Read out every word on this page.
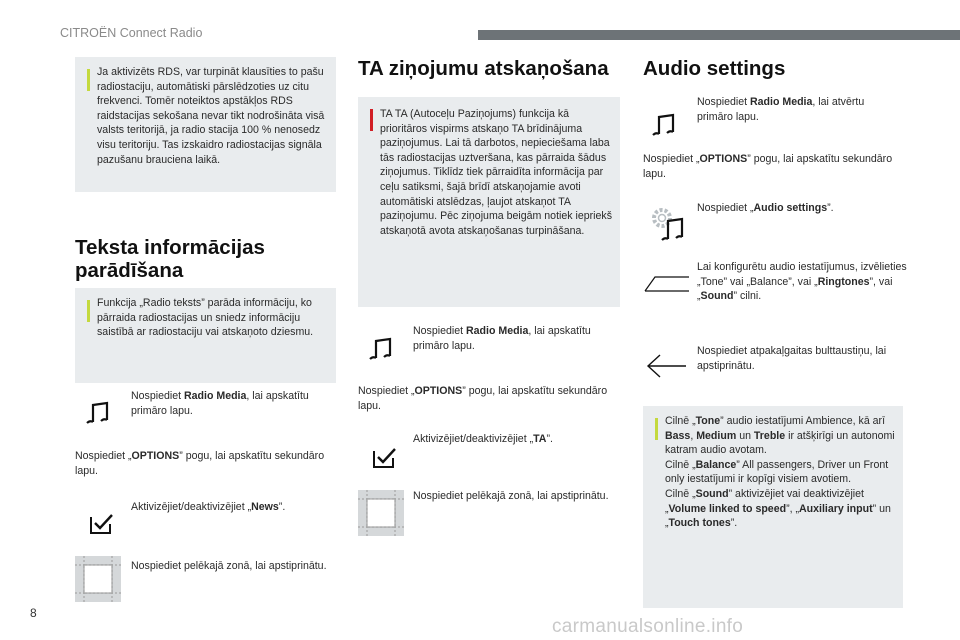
CITROËN Connect Radio
Ja aktivizēts RDS, var turpināt klausīties to pašu radiostaciju, automātiski pārslēdzoties uz citu frekvenci. Tomēr noteiktos apstākļos RDS raidstacijas sekošana nevar tikt nodrošināta visā valsts teritorijā, ja radio stacija 100 % nenosedz visu teritoriju. Tas izskaidro radiostacijas signāla pazušanu brauciena laikā.
Teksta informācijas
parādīšana
Funkcija „Radio teksts” parāda informāciju, ko pārraida radiostacijas un sniedz informāciju saistībā ar radiostaciju vai atskaņoto dziesmu.
Nospiediet Radio Media, lai apskatītu primāro lapu.
Nospiediet „OPTIONS” pogu, lai apskatītu sekundāro lapu.
Aktivizējiet/deaktivizējiet „News”.
Nospiediet pelēkajā zonā, lai apstiprinātu.
TA ziņojumu atskaņošana
TA TA (Autoceļu Paziņojums) funkcija kā prioritāros vispirms atskaņo TA brīdinājuma paziņojumus. Lai tā darbotos, nepieciešama laba tās radiostacijas uztveršana, kas pārraida šādus ziņojumus. Tiklīdz tiek pārraidīta informācija par ceļu satiksmi, šajā brīdī atskaņojamie avoti automātiski atslēdzas, ļaujot atskaņot TA paziņojumu. Pēc ziņojuma beigām notiek iepriekš atskaņotā avota atskaņošanas turpināšana.
Nospiediet Radio Media, lai apskatītu primāro lapu.
Nospiediet „OPTIONS” pogu, lai apskatītu sekundāro lapu.
Aktivizējiet/deaktivizējiet „TA”.
Nospiediet pelēkajā zonā, lai apstiprinātu.
Audio settings
Nospiediet Radio Media, lai atvērtu primāro lapu.
Nospiediet „OPTIONS” pogu, lai apskatītu sekundāro lapu.
Nospiediet „Audio settings”.
Lai konfigurētu audio iestatījumus, izvēlieties „Tone” vai „Balance”, vai „Ringtones”, vai „Sound” cilni.
Nospiediet atpakaļgaitas bulttaustiņu, lai apstiprinātu.
Cilnē „Tone” audio iestatījumi Ambience, kā arī Bass, Medium un Treble ir atšķirīgi un autonomi katram audio avotam.
Cilnē „Balance” All passengers, Driver un Front only iestatījumi ir kopīgi visiem avotiem.
Cilnē „Sound” aktivizējiet vai deaktivizējiet „Volume linked to speed”, „Auxiliary input” un „Touch tones”.
8
carmanualsonline.info
